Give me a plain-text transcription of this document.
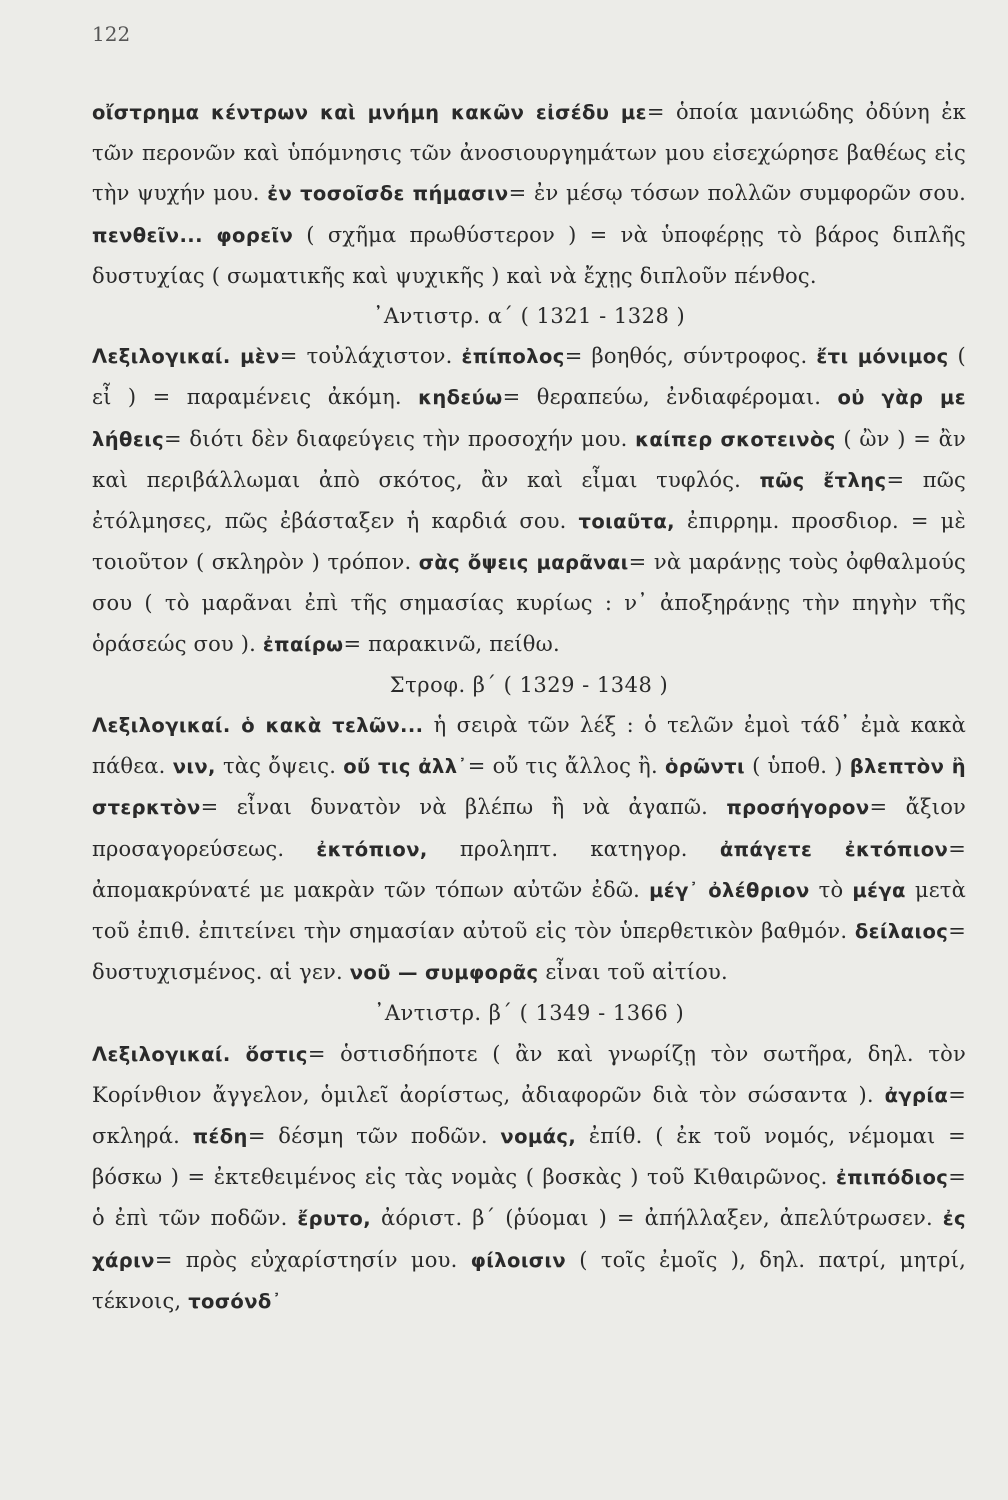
122

οἴστρημα κέντρων καὶ μνήμη κακῶν εἰσέδυ με= ὁποία μανιώδης ὀδύνη ἐκ τῶν περονῶν καὶ ὑπόμνησις τῶν ἀνοσιουργημάτων μου εἰσεχώρησε βαθέως εἰς τὴν ψυχήν μου. ἐν τοσοῖσδε πήμασιν= ἐν μέσῳ τόσων πολλῶν συμφορῶν σου. πενθεῖν... φορεῖν ( σχῆμα πρωθύστερον ) = νὰ ὑποφέρῃς τὸ βάρος διπλῆς δυστυχίας ( σωματικῆς καὶ ψυχικῆς ) καὶ νὰ ἔχῃς διπλοῦν πένθος.

᾿Αντιστρ. α΄ ( 1321 - 1328 )

Λεξιλογικαί. μὲν= τοὐλάχιστον. ἐπίπολος= βοηθός, σύντροφος. ἔτι μόνιμος ( εἶ ) = παραμένεις ἀκόμη. κηδεύω= θεραπεύω, ἐνδιαφέρομαι. οὐ γὰρ με λήθεις= διότι δὲν διαφεύγεις τὴν προσοχήν μου. καίπερ σκοτεινὸς ( ὢν ) = ἂν καὶ περιβάλλωμαι ἀπὸ σκότος, ἂν καὶ εἶμαι τυφλός. πῶς ἔτλης= πῶς ἐτόλμησες, πῶς ἐβάσταξεν ἡ καρδιά σου. τοιαῦτα, ἐπιρρημ. προσδιορ. = μὲ τοιοῦτον ( σκληρὸν ) τρόπον. σὰς ὄψεις μαρᾶναι= νὰ μαράνῃς τοὺς ὀφθαλμούς σου ( τὸ μαρᾶναι ἐπὶ τῆς σημασίας κυρίως : ν᾿ ἀποξηράνῃς τὴν πηγὴν τῆς ὁράσεώς σου ). ἐπαίρω= παρακινῶ, πείθω.

Στροφ. β΄ ( 1329 - 1348 )

Λεξιλογικαί. ὁ κακὰ τελῶν... ἡ σειρὰ τῶν λέξ : ὁ τελῶν ἐμοὶ τάδ᾿ ἐμὰ κακὰ πάθεα. νιν, τὰς ὄψεις. οὔ τις ἀλλ᾿= οὔ τις ἄλλος ἢ. ὁρῶντι ( ὑποθ. ) βλεπτὸν ἢ στερκτὸν= εἶναι δυνατὸν νὰ βλέπω ἢ νὰ ἀγαπῶ. προσήγορον= ἄξιον προσαγορεύσεως. ἐκτόπιον, προληπτ. κατηγορ. ἀπάγετε ἐκτόπιον= ἀπομακρύνατέ με μακρὰν τῶν τόπων αὐτῶν ἐδῶ. μέγ᾿ ὀλέθριον τὸ μέγα μετὰ τοῦ ἐπιθ. ἐπιτείνει τὴν σημασίαν αὐτοῦ εἰς τὸν ὑπερθετικὸν βαθμόν. δείλαιος= δυστυχισμένος. αἱ γεν. νοῦ — συμφορᾶς εἶναι τοῦ αἰτίου.

᾿Αντιστρ. β΄ ( 1349 - 1366 )

Λεξιλογικαί. ὅστις= ὁστισδήποτε ( ἂν καὶ γνωρίζῃ τὸν σωτῆρα, δηλ. τὸν Κορίνθιον ἄγγελον, ὁμιλεῖ ἀορίστως, ἀδιαφορῶν διὰ τὸν σώσαντα ). ἀγρία= σκληρά. πέδη= δέσμη τῶν ποδῶν. νομάς, ἐπίθ. ( ἐκ τοῦ νομός, νέμομαι = βόσκω ) = ἐκτεθειμένος εἰς τὰς νομὰς ( βοσκὰς ) τοῦ Κιθαιρῶνος. ἐπιπόδιος= ὁ ἐπὶ τῶν ποδῶν. ἔρυτο, ἀόριστ. β΄ (ῥύομαι ) = ἀπήλλαξεν, ἀπελύτρωσεν. ἐς χάριν= πρὸς εὐχαρίστησίν μου. φίλοισιν ( τοῖς ἐμοῖς ), δηλ. πατρί, μητρί, τέκνοις, τοσόνδ᾿
